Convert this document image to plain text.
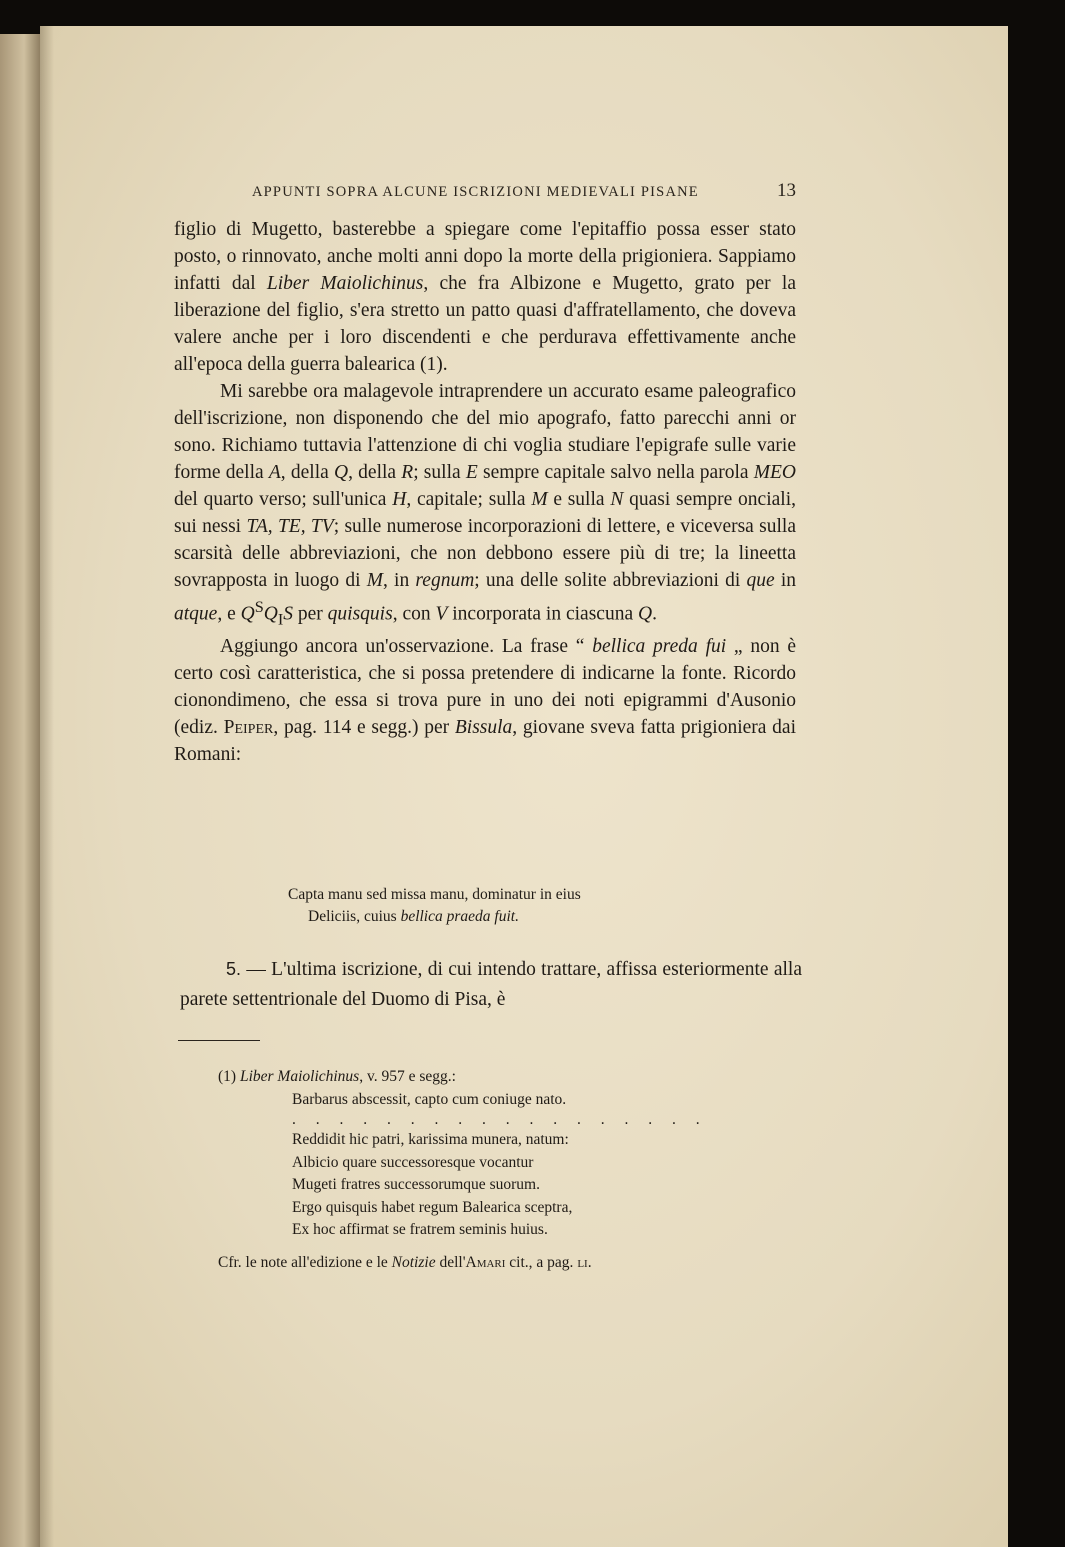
APPUNTI SOPRA ALCUNE ISCRIZIONI MEDIEVALI PISANE	13

figlio di Mugetto, basterebbe a spiegare come l'epitaffio possa esser stato posto, o rinnovato, anche molti anni dopo la morte della prigioniera. Sappiamo infatti dal Liber Maiolichinus, che fra Albizone e Mugetto, grato per la liberazione del figlio, s'era stretto un patto quasi d'affratellamento, che doveva valere anche per i loro discendenti e che perdurava effettivamente anche all'epoca della guerra balearica (1).

Mi sarebbe ora malagevole intraprendere un accurato esame paleografico dell'iscrizione, non disponendo che del mio apografo, fatto parecchi anni or sono. Richiamo tuttavia l'attenzione di chi voglia studiare l'epigrafe sulle varie forme della A, della Q, della R; sulla E sempre capitale salvo nella parola MEO del quarto verso; sull'unica H, capitale; sulla M e sulla N quasi sempre onciali, sui nessi TA, TE, TV; sulle numerose incorporazioni di lettere, e viceversa sulla scarsità delle abbreviazioni, che non debbono essere più di tre; la lineetta sovrapposta in luogo di M, in regnum; una delle solite abbreviazioni di que in atque, e $Q^SQ_IS$ per quisquis, con V incorporata in ciascuna Q.

Aggiungo ancora un'osservazione. La frase “ bellica preda fui „ non è certo così caratteristica, che si possa pretendere di indicarne la fonte. Ricordo cionondimeno, che essa si trova pure in uno dei noti epigrammi d'Ausonio (ediz. Peiper, pag. 114 e segg.) per Bissula, giovane sveva fatta prigioniera dai Romani:

Capta manu sed missa manu, dominatur in eius
Deliciis, cuius bellica praeda fuit.

5. — L'ultima iscrizione, di cui intendo trattare, affissa esteriormente alla parete settentrionale del Duomo di Pisa, è

(1) Liber Maiolichinus, v. 957 e segg.:
Barbarus abscessit, capto cum coniuge nato.
. . . . . . . . . . . . . . . . . .
Reddidit hic patri, karissima munera, natum:
Albicio quare successoresque vocantur
Mugeti fratres successorumque suorum.
Ergo quisquis habet regum Balearica sceptra,
Ex hoc affirmat se fratrem seminis huius.
Cfr. le note all'edizione e le Notizie dell'Amari cit., a pag. li.
